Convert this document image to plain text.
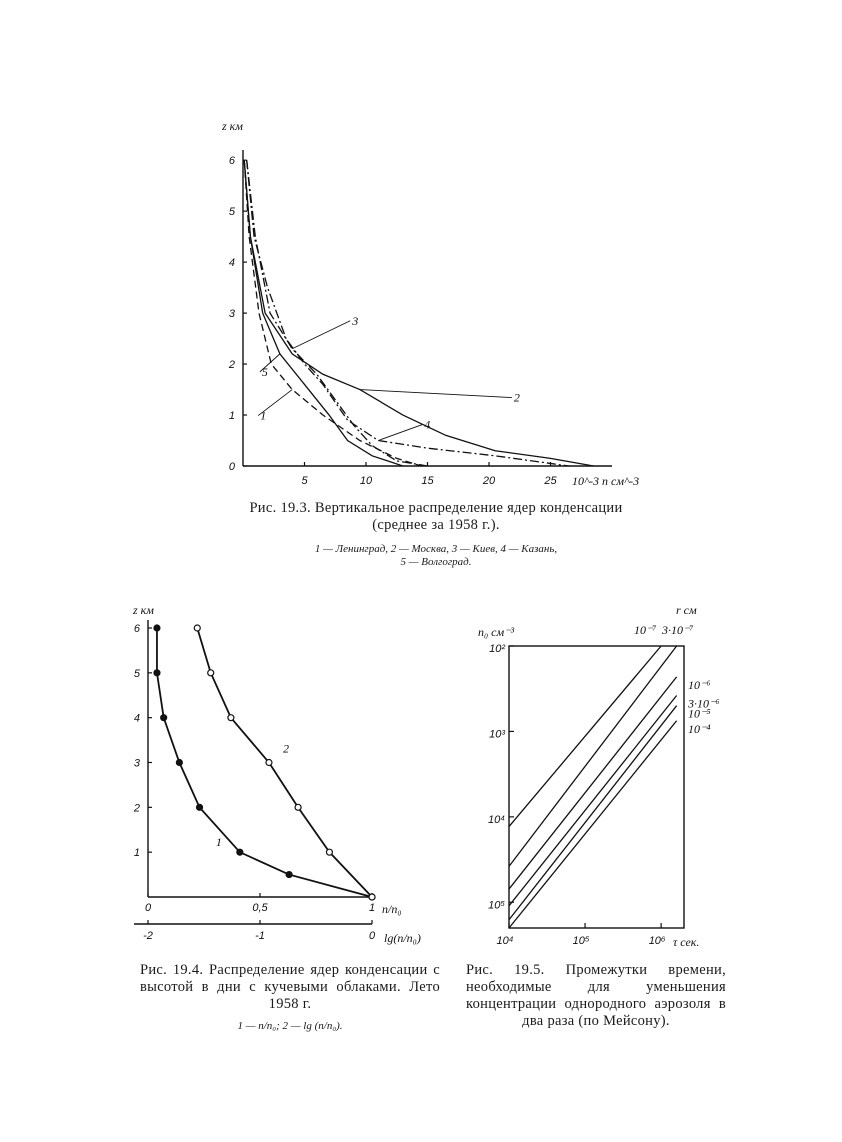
z км
10^-3 n см^-3
5	10	15	20	25
0
1
2
3
4
5
6
1
2
3
4
5
z км
n/n₀
lg(n/n₀)
0	0,5	1
-2	-1	0
1
2
3
4
5
6
1
2
n₀ см⁻³
r см
τ сек.
10⁴	10⁵	10⁶
10²
10³
10⁴
10⁵
10⁻⁷ 3·10⁻⁷
10⁻⁶
3·10⁻⁶
10⁻⁵
10⁻⁴
Рис. 19.3. Вертикальное распределение ядер конденсации (среднее за 1958 г.).
1 — Ленинград, 2 — Москва, 3 — Киев, 4 — Казань,
5 — Волгоград.
Рис. 19.4. Распределение ядер конденсации с высотой в дни с кучевыми облаками. Лето 1958 г.
1 — n/n₀; 2 — lg (n/n₀).
Рис. 19.5. Промежутки времени, необходимые для уменьшения концентрации однородного аэрозоля в два раза (по Мейсону).
